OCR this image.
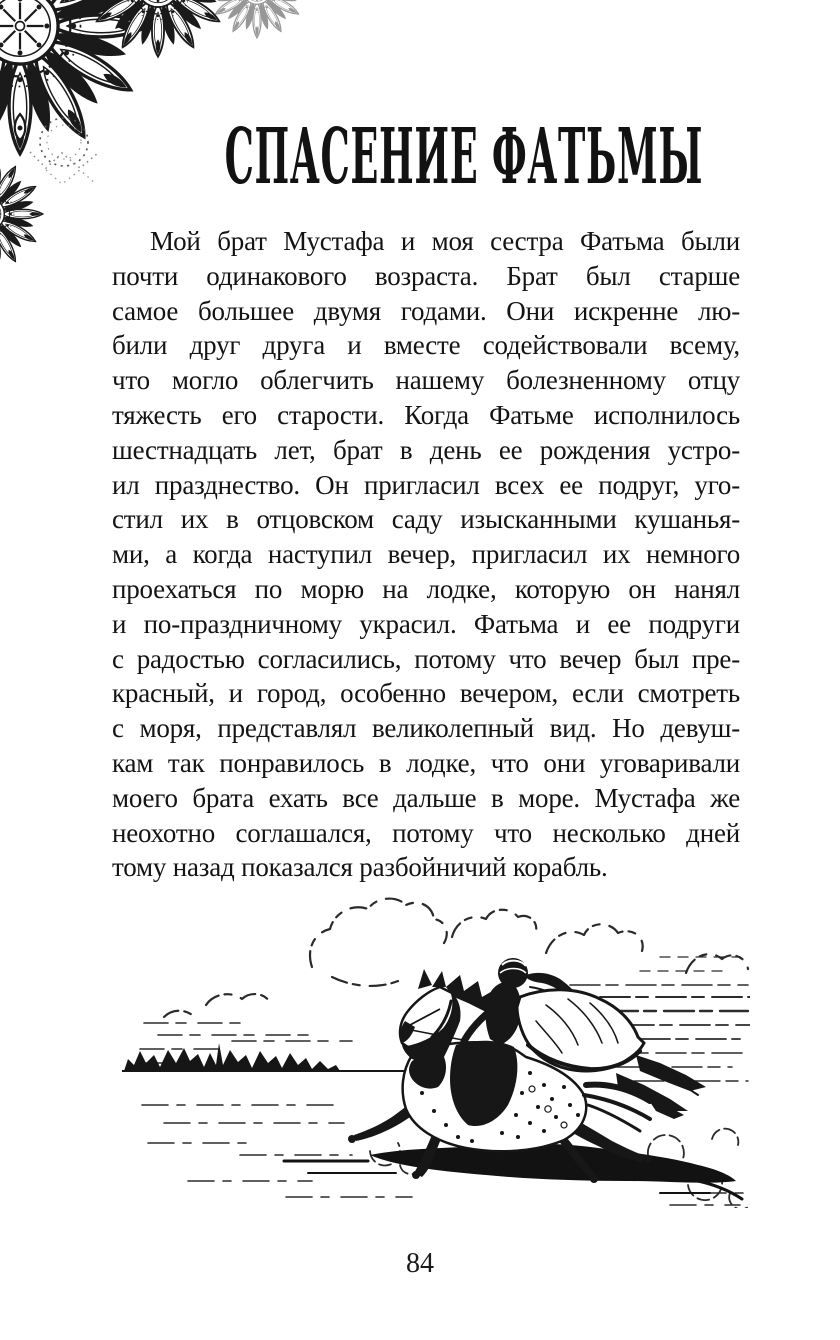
СПАСЕНИЕ ФАТЬМЫ
Мой брат Мустафа и моя сестра Фатьма были
почти одинакового возраста. Брат был старше
самое большее двумя годами. Они искренне лю-
били друг друга и вместе содействовали всему,
что могло облегчить нашему болезненному отцу
тяжесть его старости. Когда Фатьме исполнилось
шестнадцать лет, брат в день ее рождения устро-
ил празднество. Он пригласил всех ее подруг, уго-
стил их в отцовском саду изысканными кушанья-
ми, а когда наступил вечер, пригласил их немного
проехаться по морю на лодке, которую он нанял
и по-праздничному украсил. Фатьма и ее подруги
с радостью согласились, потому что вечер был пре-
красный, и город, особенно вечером, если смотреть
с моря, представлял великолепный вид. Но девуш-
кам так понравилось в лодке, что они уговаривали
моего брата ехать все дальше в море. Мустафа же
неохотно соглашался, потому что несколько дней
тому назад показался разбойничий корабль.
84
